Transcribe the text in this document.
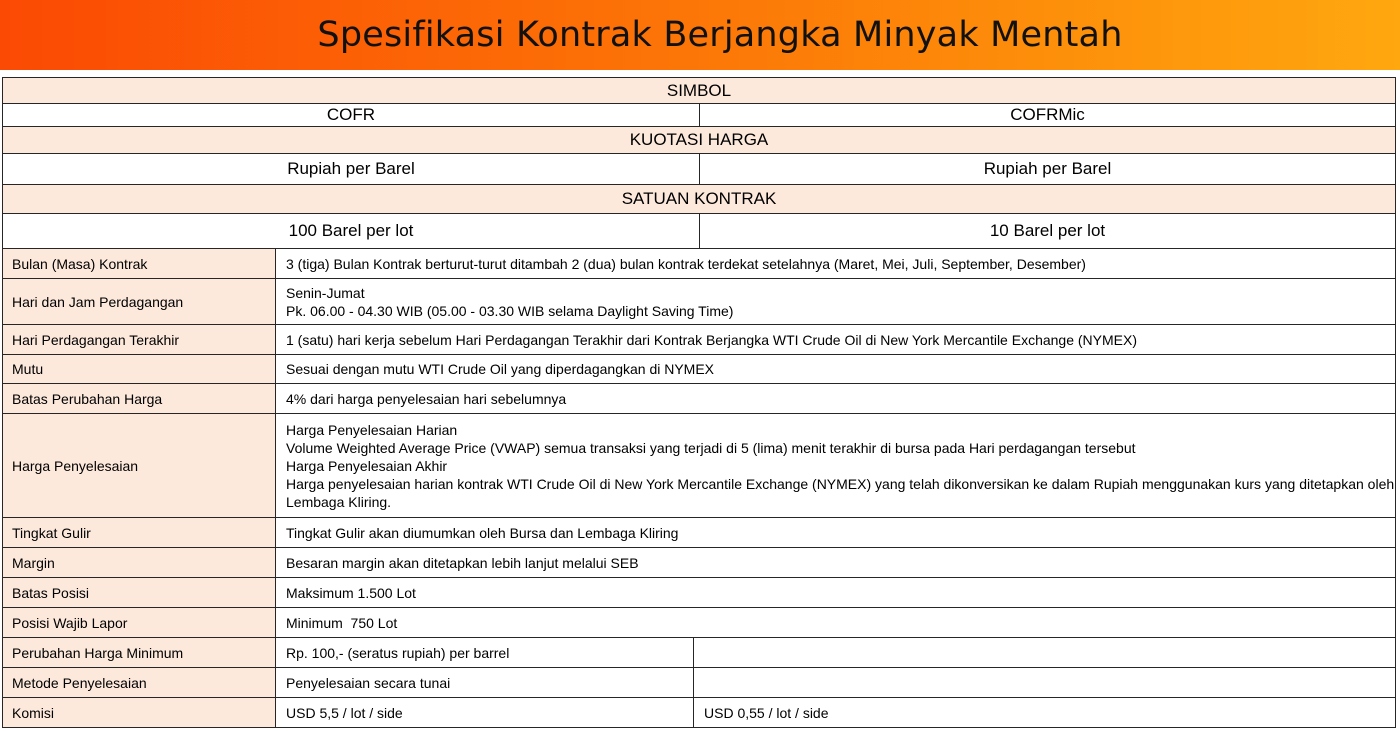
Spesifikasi Kontrak Berjangka Minyak Mentah
SIMBOL			
COFR			COFRMic
KUOTASI HARGA			
Rupiah per Barel			Rupiah per Barel
SATUAN KONTRAK			
100 Barel per lot			10 Barel per lot
Bulan (Masa) Kontrak	3 (tiga) Bulan Kontrak berturut-turut ditambah 2 (dua) bulan kontrak terdekat setelahnya (Maret, Mei, Juli, September, Desember)		
Hari dan Jam Perdagangan	Senin-Jumat
Pk. 06.00 - 04.30 WIB (05.00 - 03.30 WIB selama Daylight Saving Time)		

Hari Perdagangan Terakhir	1 (satu) hari kerja sebelum Hari Perdagangan Terakhir dari Kontrak Berjangka WTI Crude Oil di New York Mercantile Exchange (NYMEX)		
Mutu	Sesuai dengan mutu WTI Crude Oil yang diperdagangkan di NYMEX		
Batas Perubahan Harga	4% dari harga penyelesaian hari sebelumnya		
Harga Penyelesaian	Harga Penyelesaian Harian
Volume Weighted Average Price (VWAP) semua transaksi yang terjadi di 5 (lima) menit terakhir di bursa pada Hari perdagangan tersebut
Harga Penyelesaian Akhir
Harga penyelesaian harian kontrak WTI Crude Oil di New York Mercantile Exchange (NYMEX) yang telah dikonversikan ke dalam Rupiah menggunakan kurs yang ditetapkan oleh Lembaga Kliring.		

Tingkat Gulir	Tingkat Gulir akan diumumkan oleh Bursa dan Lembaga Kliring		
Margin	Besaran margin akan ditetapkan lebih lanjut melalui SEB		
Batas Posisi	Maksimum 1.500 Lot		
Posisi Wajib Lapor	Minimum  750 Lot		
Perubahan Harga Minimum	Rp. 100,- (seratus rupiah) per barrel		
Metode Penyelesaian	Penyelesaian secara tunai		
Komisi	USD 5,5 / lot / side	USD 0,55 / lot / side	
